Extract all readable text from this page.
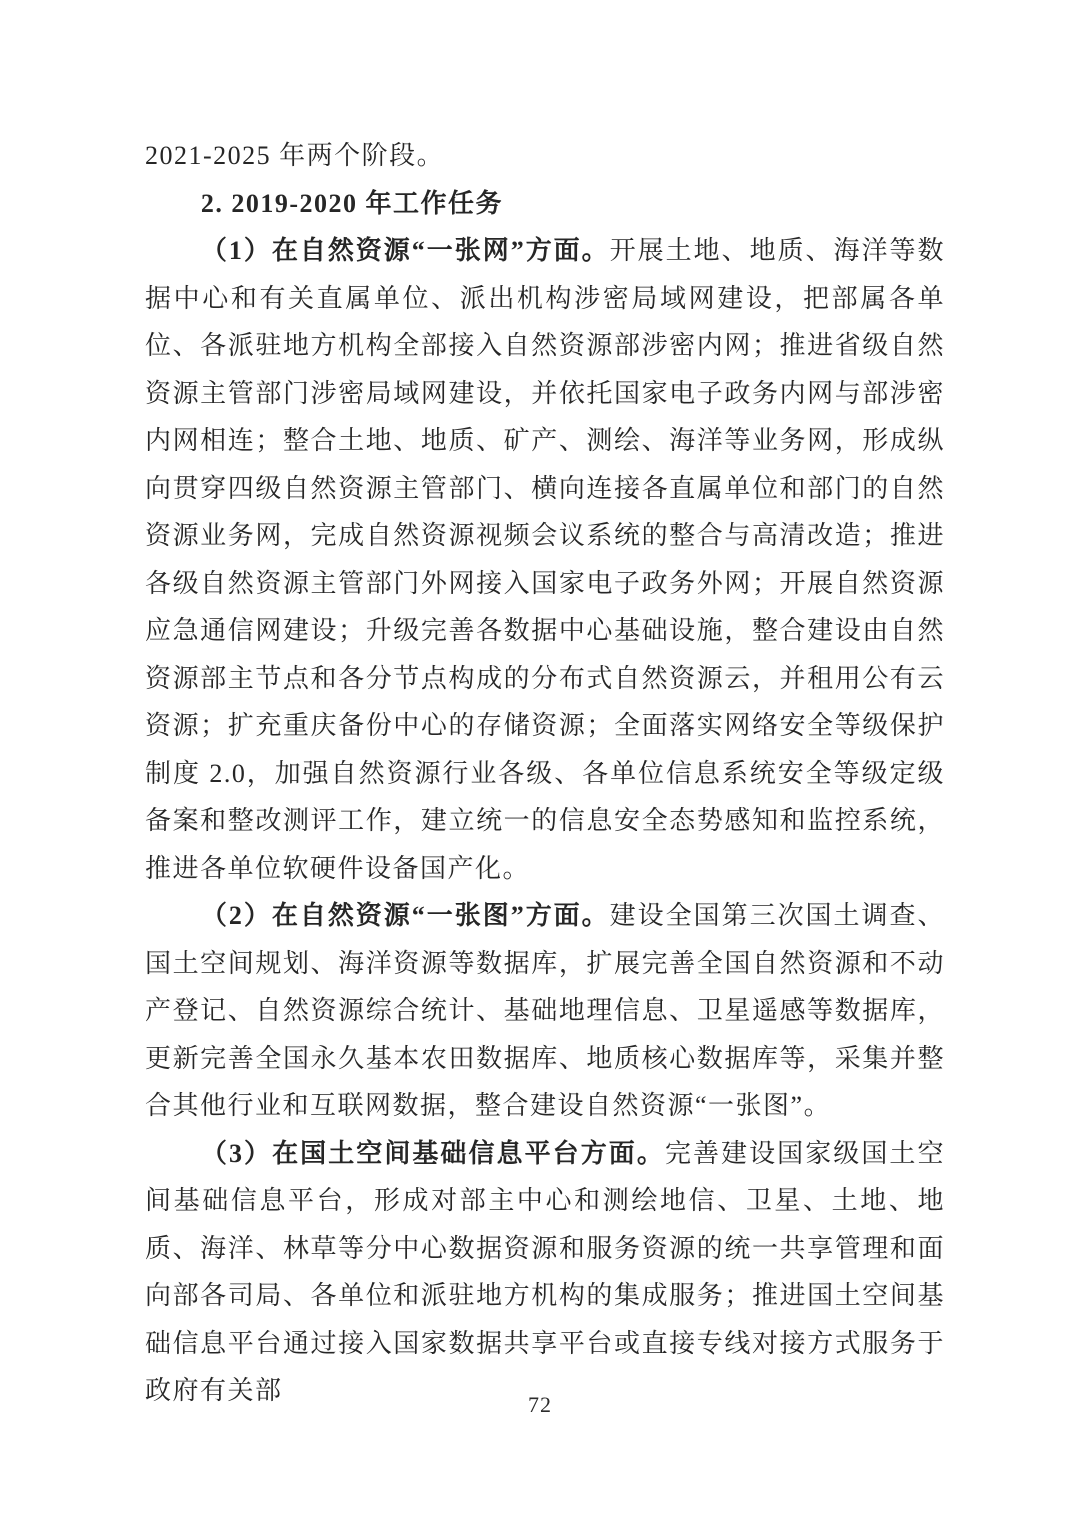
2021-2025 年两个阶段。

2. 2019-2020 年工作任务

（1）在自然资源“一张网”方面。开展土地、地质、海洋等数据中心和有关直属单位、派出机构涉密局域网建设，把部属各单位、各派驻地方机构全部接入自然资源部涉密内网；推进省级自然资源主管部门涉密局域网建设，并依托国家电子政务内网与部涉密内网相连；整合土地、地质、矿产、测绘、海洋等业务网，形成纵向贯穿四级自然资源主管部门、横向连接各直属单位和部门的自然资源业务网，完成自然资源视频会议系统的整合与高清改造；推进各级自然资源主管部门外网接入国家电子政务外网；开展自然资源应急通信网建设；升级完善各数据中心基础设施，整合建设由自然资源部主节点和各分节点构成的分布式自然资源云，并租用公有云资源；扩充重庆备份中心的存储资源；全面落实网络安全等级保护制度 2.0，加强自然资源行业各级、各单位信息系统安全等级定级备案和整改测评工作，建立统一的信息安全态势感知和监控系统，推进各单位软硬件设备国产化。

（2）在自然资源“一张图”方面。建设全国第三次国土调查、国土空间规划、海洋资源等数据库，扩展完善全国自然资源和不动产登记、自然资源综合统计、基础地理信息、卫星遥感等数据库，更新完善全国永久基本农田数据库、地质核心数据库等，采集并整合其他行业和互联网数据，整合建设自然资源“一张图”。

（3）在国土空间基础信息平台方面。完善建设国家级国土空间基础信息平台，形成对部主中心和测绘地信、卫星、土地、地质、海洋、林草等分中心数据资源和服务资源的统一共享管理和面向部各司局、各单位和派驻地方机构的集成服务；推进国土空间基础信息平台通过接入国家数据共享平台或直接专线对接方式服务于政府有关部	72
